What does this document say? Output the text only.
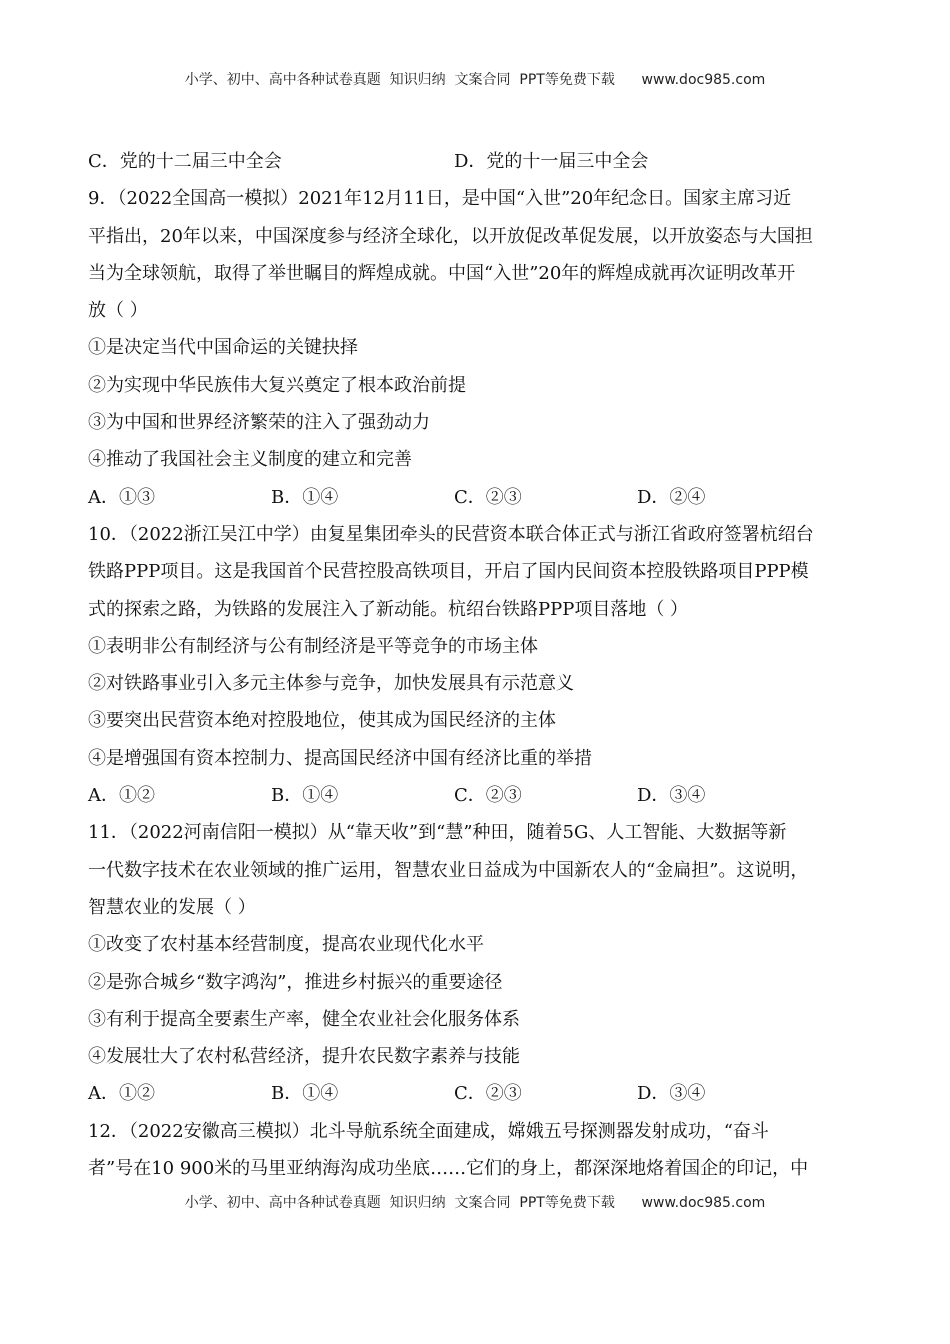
小学、初中、高中各种试卷真题  知识归纳  文案合同  PPT等免费下载      www.doc985.com
C．党的十二届三中全会	D．党的十一届三中全会
9．（2022全国高一模拟）2021年12月11日，是中国“入世”20年纪念日。国家主席习近
平指出，20年以来，中国深度参与经济全球化，以开放促改革促发展，以开放姿态与大国担
当为全球领航，取得了举世瞩目的辉煌成就。中国“入世”20年的辉煌成就再次证明改革开
放（ ）
①是决定当代中国命运的关键抉择
②为实现中华民族伟大复兴奠定了根本政治前提
③为中国和世界经济繁荣的注入了强劲动力
④推动了我国社会主义制度的建立和完善
A．①③	B．①④	C．②③	D．②④
10．（2022浙江吴江中学）由复星集团牵头的民营资本联合体正式与浙江省政府签署杭绍台
铁路PPP项目。这是我国首个民营控股高铁项目，开启了国内民间资本控股铁路项目PPP模
式的探索之路，为铁路的发展注入了新动能。杭绍台铁路PPP项目落地（ ）
①表明非公有制经济与公有制经济是平等竞争的市场主体
②对铁路事业引入多元主体参与竞争，加快发展具有示范意义
③要突出民营资本绝对控股地位，使其成为国民经济的主体
④是增强国有资本控制力、提高国民经济中国有经济比重的举措
A．①②	B．①④	C．②③	D．③④
11．（2022河南信阳一模拟）从“靠天收”到“慧”种田，随着5G、人工智能、大数据等新
一代数字技术在农业领域的推广运用，智慧农业日益成为中国新农人的“金扁担”。这说明，
智慧农业的发展（ ）
①改变了农村基本经营制度，提高农业现代化水平
②是弥合城乡“数字鸿沟”，推进乡村振兴的重要途径
③有利于提高全要素生产率，健全农业社会化服务体系
④发展壮大了农村私营经济，提升农民数字素养与技能
A．①②	B．①④	C．②③	D．③④
12．（2022安徽高三模拟）北斗导航系统全面建成，嫦娥五号探测器发射成功，“奋斗
者”号在10 900米的马里亚纳海沟成功坐底……它们的身上，都深深地烙着国企的印记，中
小学、初中、高中各种试卷真题  知识归纳  文案合同  PPT等免费下载      www.doc985.com
